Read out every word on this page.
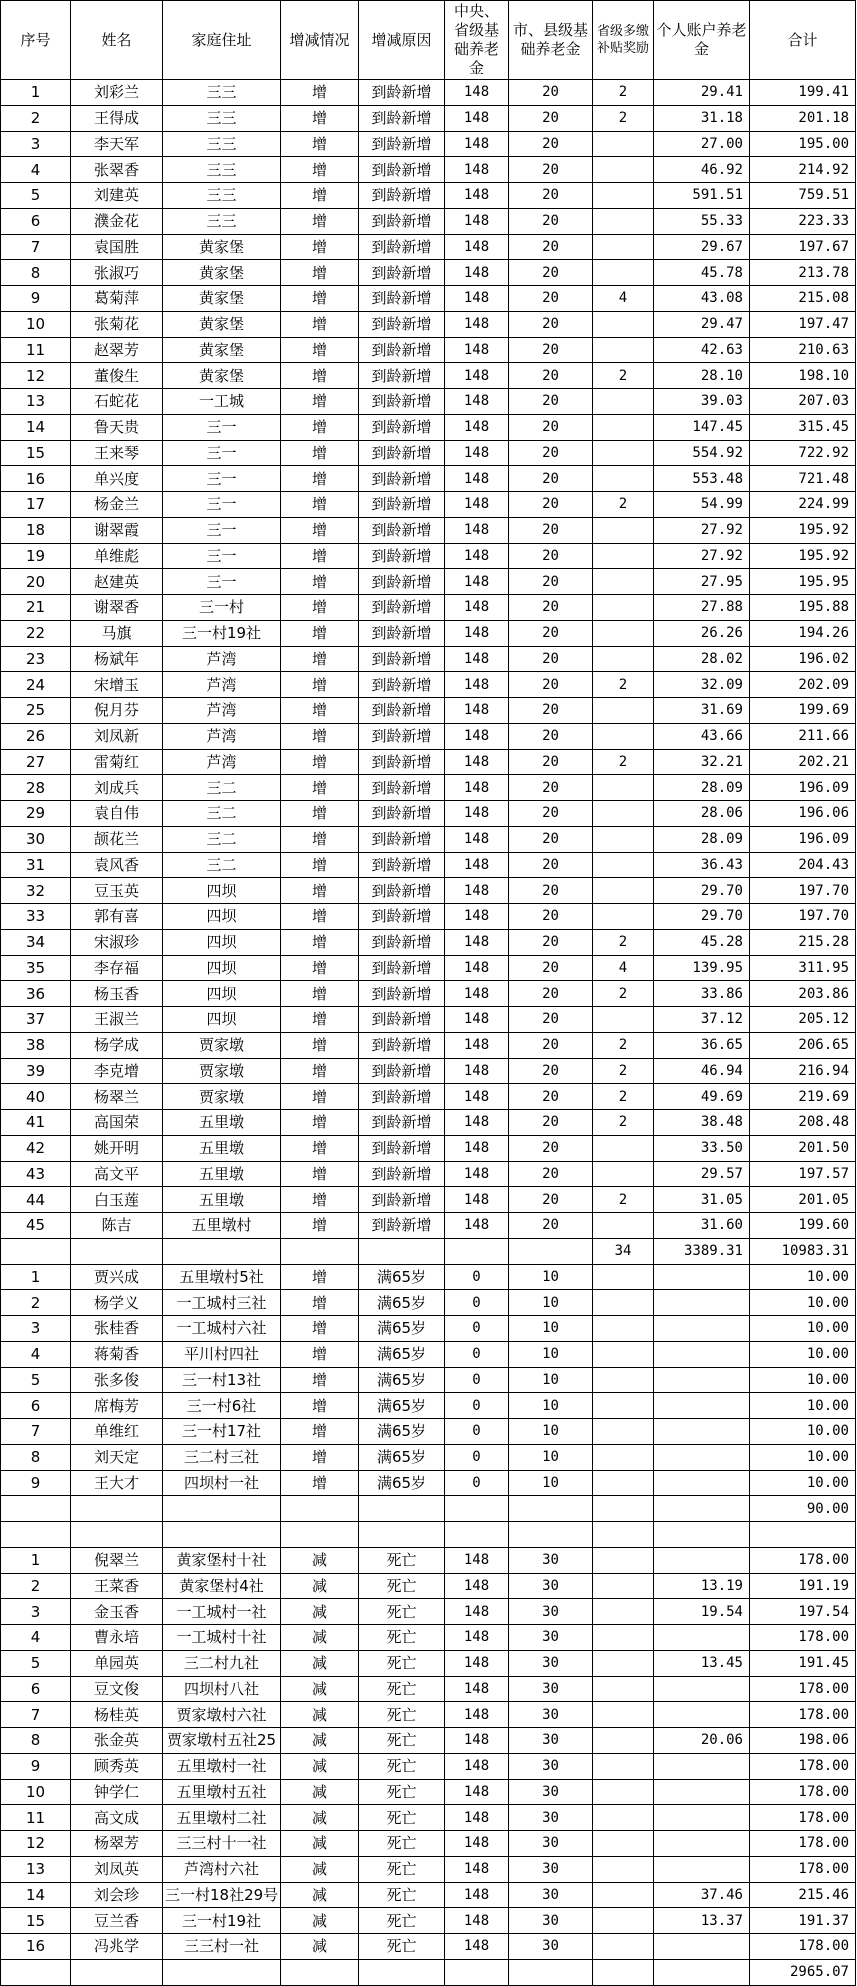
序号	姓名	家庭住址	增减情况	增减原因	中央、省级基础养老金	市、县级基础养老金	省级多缴补贴奖励	个人账户养老金	合计
1	刘彩兰	三三	增	到龄新增	148	20	2	29.41	199.41
2	王得成	三三	增	到龄新增	148	20	2	31.18	201.18
3	李天军	三三	增	到龄新增	148	20		27.00	195.00
4	张翠香	三三	增	到龄新增	148	20		46.92	214.92
5	刘建英	三三	增	到龄新增	148	20		591.51	759.51
6	濮金花	三三	增	到龄新增	148	20		55.33	223.33
7	袁国胜	黄家堡	增	到龄新增	148	20		29.67	197.67
8	张淑巧	黄家堡	增	到龄新增	148	20		45.78	213.78
9	葛菊萍	黄家堡	增	到龄新增	148	20	4	43.08	215.08
10	张菊花	黄家堡	增	到龄新增	148	20		29.47	197.47
11	赵翠芳	黄家堡	增	到龄新增	148	20		42.63	210.63
12	董俊生	黄家堡	增	到龄新增	148	20	2	28.10	198.10
13	石蛇花	一工城	增	到龄新增	148	20		39.03	207.03
14	鲁天贵	三一	增	到龄新增	148	20		147.45	315.45
15	王来琴	三一	增	到龄新增	148	20		554.92	722.92
16	单兴度	三一	增	到龄新增	148	20		553.48	721.48
17	杨金兰	三一	增	到龄新增	148	20	2	54.99	224.99
18	谢翠霞	三一	增	到龄新增	148	20		27.92	195.92
19	单维彪	三一	增	到龄新增	148	20		27.92	195.92
20	赵建英	三一	增	到龄新增	148	20		27.95	195.95
21	谢翠香	三一村	增	到龄新增	148	20		27.88	195.88
22	马旗	三一村19社	增	到龄新增	148	20		26.26	194.26
23	杨斌年	芦湾	增	到龄新增	148	20		28.02	196.02
24	宋增玉	芦湾	增	到龄新增	148	20	2	32.09	202.09
25	倪月芬	芦湾	增	到龄新增	148	20		31.69	199.69
26	刘凤新	芦湾	增	到龄新增	148	20		43.66	211.66
27	雷菊红	芦湾	增	到龄新增	148	20	2	32.21	202.21
28	刘成兵	三二	增	到龄新增	148	20		28.09	196.09
29	袁自伟	三二	增	到龄新增	148	20		28.06	196.06
30	颉花兰	三二	增	到龄新增	148	20		28.09	196.09
31	袁风香	三二	增	到龄新增	148	20		36.43	204.43
32	豆玉英	四坝	增	到龄新增	148	20		29.70	197.70
33	郭有喜	四坝	增	到龄新增	148	20		29.70	197.70
34	宋淑珍	四坝	增	到龄新增	148	20	2	45.28	215.28
35	李存福	四坝	增	到龄新增	148	20	4	139.95	311.95
36	杨玉香	四坝	增	到龄新增	148	20	2	33.86	203.86
37	王淑兰	四坝	增	到龄新增	148	20		37.12	205.12
38	杨学成	贾家墩	增	到龄新增	148	20	2	36.65	206.65
39	李克增	贾家墩	增	到龄新增	148	20	2	46.94	216.94
40	杨翠兰	贾家墩	增	到龄新增	148	20	2	49.69	219.69
41	高国荣	五里墩	增	到龄新增	148	20	2	38.48	208.48
42	姚开明	五里墩	增	到龄新增	148	20		33.50	201.50
43	高文平	五里墩	增	到龄新增	148	20		29.57	197.57
44	白玉莲	五里墩	增	到龄新增	148	20	2	31.05	201.05
45	陈吉	五里墩村	增	到龄新增	148	20		31.60	199.60
							34	3389.31	10983.31
1	贾兴成	五里墩村5社	增	满65岁	0	10			10.00
2	杨学义	一工城村三社	增	满65岁	0	10			10.00
3	张桂香	一工城村六社	增	满65岁	0	10			10.00
4	蒋菊香	平川村四社	增	满65岁	0	10			10.00
5	张多俊	三一村13社	增	满65岁	0	10			10.00
6	席梅芳	三一村6社	增	满65岁	0	10			10.00
7	单维红	三一村17社	增	满65岁	0	10			10.00
8	刘天定	三二村三社	增	满65岁	0	10			10.00
9	王大才	四坝村一社	增	满65岁	0	10			10.00
									90.00

1	倪翠兰	黄家堡村十社	减	死亡	148	30			178.00
2	王菜香	黄家堡村4社	减	死亡	148	30		13.19	191.19
3	金玉香	一工城村一社	减	死亡	148	30		19.54	197.54
4	曹永培	一工城村十社	减	死亡	148	30			178.00
5	单园英	三二村九社	减	死亡	148	30		13.45	191.45
6	豆文俊	四坝村八社	减	死亡	148	30			178.00
7	杨桂英	贾家墩村六社	减	死亡	148	30			178.00
8	张金英	贾家墩村五社25	减	死亡	148	30		20.06	198.06
9	顾秀英	五里墩村一社	减	死亡	148	30			178.00
10	钟学仁	五里墩村五社	减	死亡	148	30			178.00
11	高文成	五里墩村二社	减	死亡	148	30			178.00
12	杨翠芳	三三村十一社	减	死亡	148	30			178.00
13	刘凤英	芦湾村六社	减	死亡	148	30			178.00
14	刘会珍	三一村18社29号	减	死亡	148	30		37.46	215.46
15	豆兰香	三一村19社	减	死亡	148	30		13.37	191.37
16	冯兆学	三三村一社	减	死亡	148	30			178.00
									2965.07
